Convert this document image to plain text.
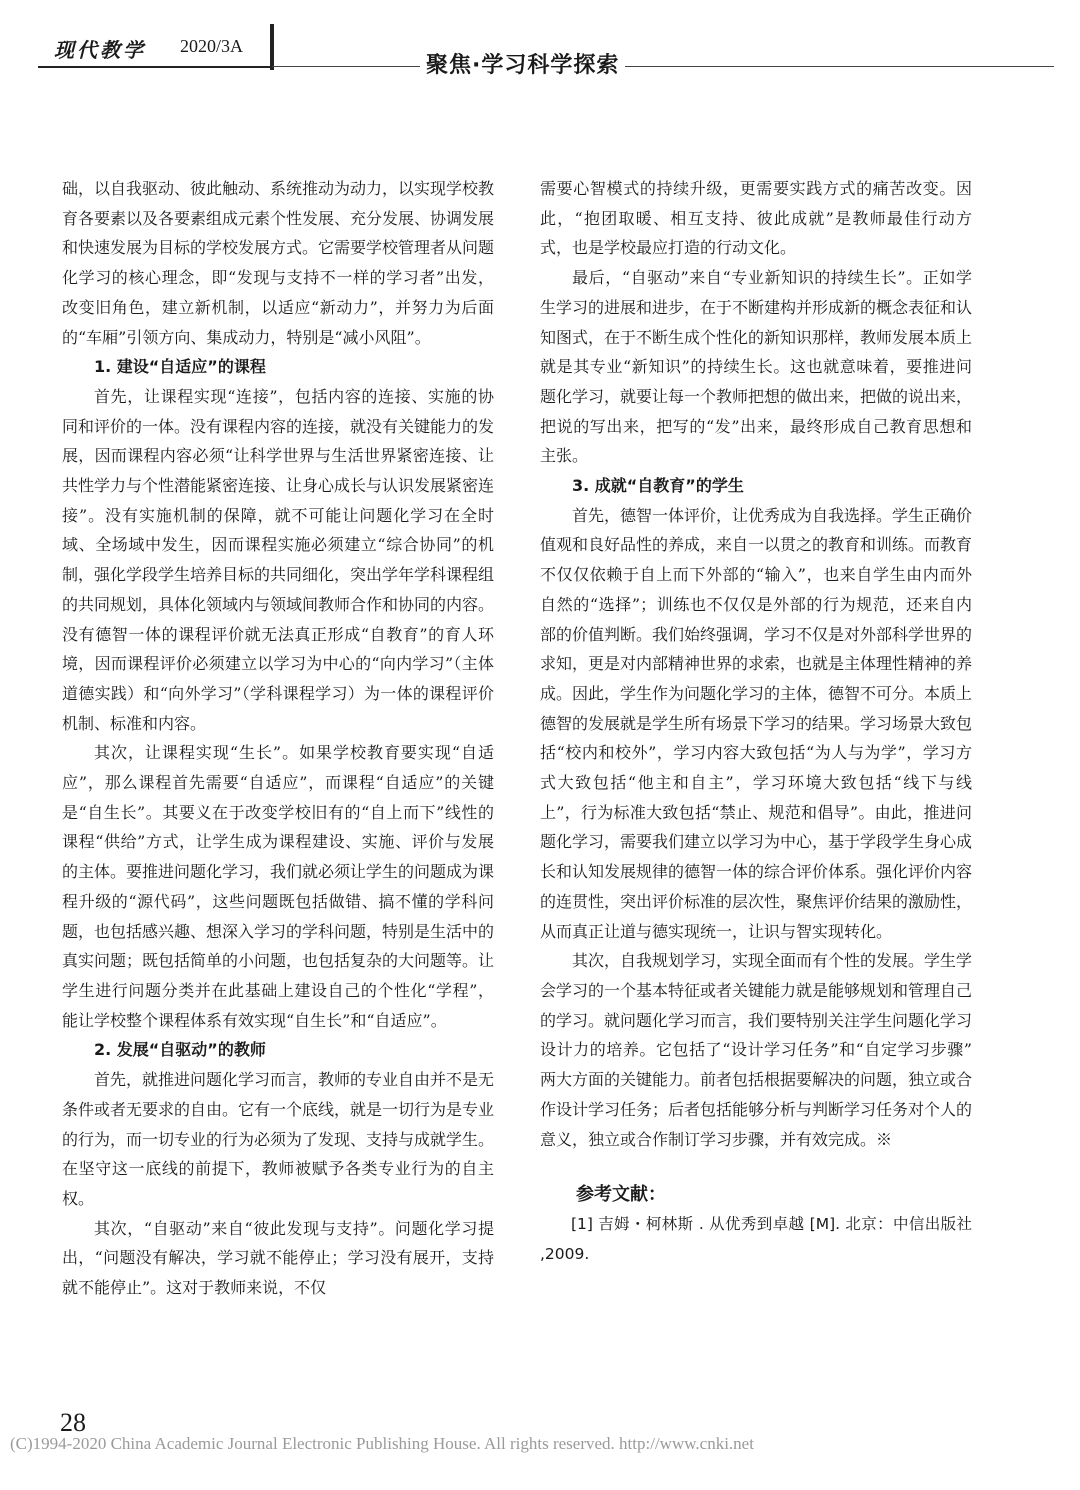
现代教学 2020/3A
聚焦·学习科学探索

础，以自我驱动、彼此触动、系统推动为动力，以实现学校教育各要素以及各要素组成元素个性发展、充分发展、协调发展和快速发展为目标的学校发展方式。它需要学校管理者从问题化学习的核心理念，即“发现与支持不一样的学习者”出发，改变旧角色，建立新机制，以适应“新动力”，并努力为后面的“车厢”引领方向、集成动力，特别是“减小风阻”。

1. 建设“自适应”的课程

首先，让课程实现“连接”，包括内容的连接、实施的协同和评价的一体。没有课程内容的连接，就没有关键能力的发展，因而课程内容必须“让科学世界与生活世界紧密连接、让共性学力与个性潜能紧密连接、让身心成长与认识发展紧密连接”。没有实施机制的保障，就不可能让问题化学习在全时域、全场域中发生，因而课程实施必须建立“综合协同”的机制，强化学段学生培养目标的共同细化，突出学年学科课程组的共同规划，具体化领域内与领域间教师合作和协同的内容。没有德智一体的课程评价就无法真正形成“自教育”的育人环境，因而课程评价必须建立以学习为中心的“向内学习”（主体道德实践）和“向外学习”（学科课程学习）为一体的课程评价机制、标准和内容。

其次，让课程实现“生长”。如果学校教育要实现“自适应”，那么课程首先需要“自适应”，而课程“自适应”的关键是“自生长”。其要义在于改变学校旧有的“自上而下”线性的课程“供给”方式，让学生成为课程建设、实施、评价与发展的主体。要推进问题化学习，我们就必须让学生的问题成为课程升级的“源代码”，这些问题既包括做错、搞不懂的学科问题，也包括感兴趣、想深入学习的学科问题，特别是生活中的真实问题；既包括简单的小问题，也包括复杂的大问题等。让学生进行问题分类并在此基础上建设自己的个性化“学程”，能让学校整个课程体系有效实现“自生长”和“自适应”。

2. 发展“自驱动”的教师

首先，就推进问题化学习而言，教师的专业自由并不是无条件或者无要求的自由。它有一个底线，就是一切行为是专业的行为，而一切专业的行为必须为了发现、支持与成就学生。在坚守这一底线的前提下，教师被赋予各类专业行为的自主权。

其次，“自驱动”来自“彼此发现与支持”。问题化学习提出，“问题没有解决，学习就不能停止；学习没有展开，支持就不能停止”。这对于教师来说，不仅

需要心智模式的持续升级，更需要实践方式的痛苦改变。因此，“抱团取暖、相互支持、彼此成就”是教师最佳行动方式，也是学校最应打造的行动文化。

最后，“自驱动”来自“专业新知识的持续生长”。正如学生学习的进展和进步，在于不断建构并形成新的概念表征和认知图式，在于不断生成个性化的新知识那样，教师发展本质上就是其专业“新知识”的持续生长。这也就意味着，要推进问题化学习，就要让每一个教师把想的做出来，把做的说出来，把说的写出来，把写的“发”出来，最终形成自己教育思想和主张。

3. 成就“自教育”的学生

首先，德智一体评价，让优秀成为自我选择。学生正确价值观和良好品性的养成，来自一以贯之的教育和训练。而教育不仅仅依赖于自上而下外部的“输入”，也来自学生由内而外自然的“选择”；训练也不仅仅是外部的行为规范，还来自内部的价值判断。我们始终强调，学习不仅是对外部科学世界的求知，更是对内部精神世界的求索，也就是主体理性精神的养成。因此，学生作为问题化学习的主体，德智不可分。本质上德智的发展就是学生所有场景下学习的结果。学习场景大致包括“校内和校外”，学习内容大致包括“为人与为学”，学习方式大致包括“他主和自主”，学习环境大致包括“线下与线上”，行为标准大致包括“禁止、规范和倡导”。由此，推进问题化学习，需要我们建立以学习为中心，基于学段学生身心成长和认知发展规律的德智一体的综合评价体系。强化评价内容的连贯性，突出评价标准的层次性，聚焦评价结果的激励性，从而真正让道与德实现统一，让识与智实现转化。

其次，自我规划学习，实现全面而有个性的发展。学生学会学习的一个基本特征或者关键能力就是能够规划和管理自己的学习。就问题化学习而言，我们要特别关注学生问题化学习设计力的培养。它包括了“设计学习任务”和“自定学习步骤” 两大方面的关键能力。前者包括根据要解决的问题，独立或合作设计学习任务；后者包括能够分析与判断学习任务对个人的意义，独立或合作制订学习步骤，并有效完成。※

参考文献：

[1] 吉姆・柯林斯 . 从优秀到卓越 [M]. 北京：中信出版社 ,2009.

28
(C)1994-2020 China Academic Journal Electronic Publishing House. All rights reserved. http://www.cnki.net
